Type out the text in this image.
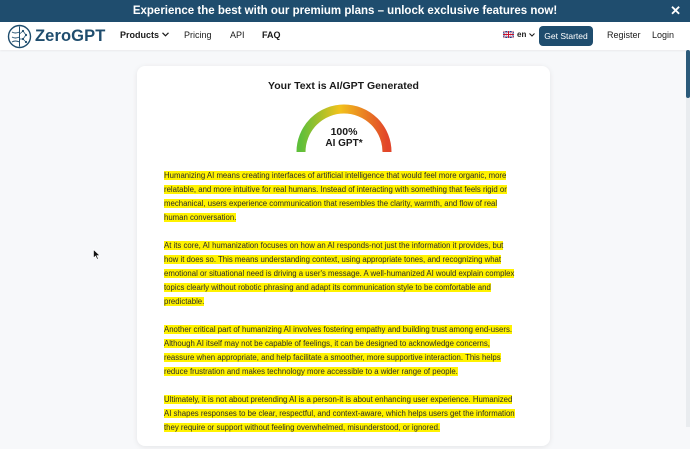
Experience the best with our premium plans – unlock exclusive features now!	✕
ZeroGPT Products	Pricing API FAQ	en	Get Started	Register Login
Your Text is AI/GPT Generated
100%
AI GPT*
Humanizing AI means creating interfaces of artificial intelligence that would feel more organic, more
relatable, and more intuitive for real humans. Instead of interacting with something that feels rigid or
mechanical, users experience communication that resembles the clarity, warmth, and flow of real
human conversation.
At its core, AI humanization focuses on how an AI responds-not just the information it provides, but
how it does so. This means understanding context, using appropriate tones, and recognizing what
emotional or situational need is driving a user's message. A well-humanized AI would explain complex
topics clearly without robotic phrasing and adapt its communication style to be comfortable and
predictable.
Another critical part of humanizing AI involves fostering empathy and building trust among end-users.
Although AI itself may not be capable of feelings, it can be designed to acknowledge concerns,
reassure when appropriate, and help facilitate a smoother, more supportive interaction. This helps
reduce frustration and makes technology more accessible to a wider range of people.
Ultimately, it is not about pretending AI is a person-it is about enhancing user experience. Humanized
AI shapes responses to be clear, respectful, and context-aware, which helps users get the information
they require or support without feeling overwhelmed, misunderstood, or ignored.
